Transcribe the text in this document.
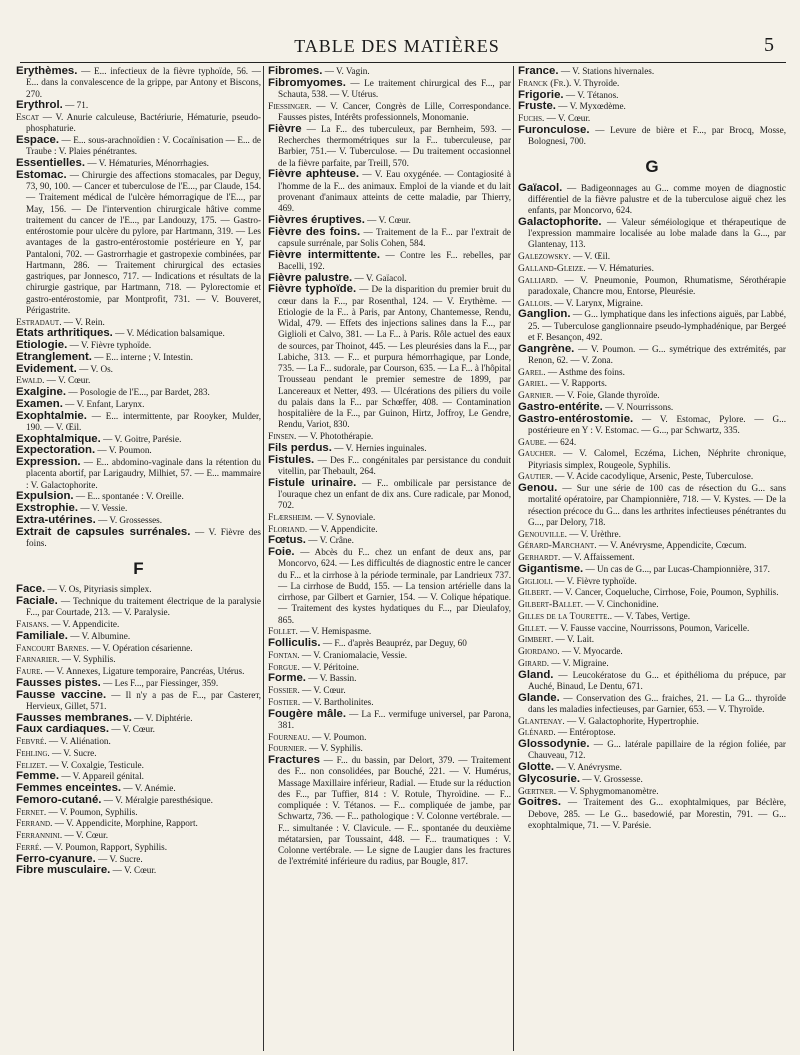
TABLE DES MATIÈRES	5
Erythèmes. — E... infectieux de la fièvre typhoïde, 56. — E... dans la convalescence de la grippe, par Antony et Biscons, 270.
Erythrol. — 71.
Escat — V. Anurie calculeuse, Bactériurie, Hématurie, pseudo-phosphaturie.
Espace. — E... sous-arachnoïdien : V. Cocaïnisation — E... de Traube : V. Plaies pénétrantes.
Essentielles. — V. Hématuries, Ménorrhagies.
Estomac. — Chirurgie des affections stomacales, par Deguy, 73, 90, 100. — Cancer et tuberculose de l'E..., par Claude, 154. — Traitement médical de l'ulcère hémorragique de l'E..., par May, 156. — De l'intervention chirurgicale hâtive comme traitement du cancer de l'E..., par Landouzy, 175. — Gastro-entérostomie pour ulcère du pylore, par Hartmann, 319. — Les avantages de la gastro-entérostomie postérieure en Y, par Pantaloni, 702. — Gastrorrhagie et gastropexie combinées, par Hartmann, 286. — Traitement chirurgical des ectasies gastriques, par Jonnesco, 717. — Indications et résultats de la chirurgie gastrique, par Hartmann, 718. — Pylorectomie et gastro-entérostomie, par Montprofit, 731. — V. Bouveret, Périgastrite.
Estradaut. — V. Rein.
Etats arthritiques. — V. Médication balsamique.
Etiologie. — V. Fièvre typhoïde.
Etranglement. — E... interne ; V. Intestin.
Evidement. — V. Os.
Ewald. — V. Cœur.
Exalgine. — Posologie de l'E..., par Bardet, 283.
Examen. — V. Enfant, Larynx.
Exophtalmie. — E... intermittente, par Rooyker, Mulder, 190. — V. Œil.
Exophtalmique. — V. Goitre, Parésie.
Expectoration. — V. Poumon.
Expression. — E... abdomino-vaginale dans la rétention du placenta abortif, par Larigaudry, Milhiet, 57. — E... mammaire : V. Galactophorite.
Expulsion. — E... spontanée : V. Oreille.
Exstrophie. — V. Vessie.
Extra-utérines. — V. Grossesses.
Extrait de capsules surrénales. — V. Fièvre des foins.
F
Face. — V. Os, Pityriasis simplex.
Faciale. — Technique du traitement électrique de la paralysie F..., par Courtade, 213. — V. Paralysie.
Faisans. — V. Appendicite.
Familiale. — V. Albumine.
Fancourt Barnes. — V. Opération césarienne.
Farnarier. — V. Syphilis.
Faure. — V. Annexes, Ligature temporaire, Pancréas, Utérus.
Fausses pistes. — Les F..., par Fiessinger, 359.
Fausse vaccine. — Il n'y a pas de F..., par Casterет, Hervieux, Gillet, 571.
Fausses membranes. — V. Diphtérie.
Faux cardiaques. — V. Cœur.
Febvré. — V. Aliénation.
Fehling. — V. Sucre.
Felizet. — V. Coxalgie, Testicule.
Femme. — V. Appareil génital.
Femmes enceintes. — V. Anémie.
Femoro-cutané. — V. Méralgie paresthésique.
Fernet. — V. Poumon, Syphilis.
Ferrand. — V. Appendicite, Morphine, Rapport.
Ferrannini. — V. Cœur.
Ferré. — V. Poumon, Rapport, Syphilis.
Ferro-cyanure. — V. Sucre.
Fibre musculaire. — V. Cœur.
Fibromes. — V. Vagin.
Fibromyomes. — Le traitement chirurgical des F..., par Schauta, 538. — V. Utérus.
Fiessinger. — V. Cancer, Congrès de Lille, Correspondance. Fausses pistes, Intérêts professionnels, Monomanie.
Fièvre — La F... des tuberculeux, par Bernheim, 593. — Recherches thermométriques sur la F... tuberculeuse, par Barbier, 751.— V. Tuberculose. — Du traitement occasionnel de la fièvre parfaite, par Treill, 570.
Fièvre aphteuse. — V. Eau oxygénée. — Contagiosité à l'homme de la F... des animaux. Emploi de la viande et du lait provenant d'animaux atteints de cette maladie, par Thierry, 469.
Fièvres éruptives. — V. Cœur.
Fièvre des foins. — Traitement de la F... par l'extrait de capsule surrénale, par Solis Cohen, 584.
Fièvre intermittente. — Contre les F... rebelles, par Bacelli, 192.
Fièvre palustre. — V. Gaïacol.
Fièvre typhoïde. — De la disparition du premier bruit du cœur dans la F..., par Rosenthal, 124. — V. Erythème. — Etiologie de la F... à Paris, par Antony, Chantemesse, Rendu, Widal, 479. — Effets des injections salines dans la F..., par Giglioli et Calvo, 381. — La F... à Paris. Rôle actuel des eaux de sources, par Thoinot, 445. — Les pleurésies dans la F..., par Labiche, 313. — F... et purpura hémorrhagique, par Londe, 735. — La F... sudorale, par Courson, 635. — La F... à l'hôpital Trousseau pendant le premier semestre de 1899, par Lancereaux et Netter, 493. — Ulcérations des piliers du voile du palais dans la F... par Schœffer, 408. — Contamination hospitalière de la F..., par Guinon, Hirtz, Joffroy, Le Gendre, Rendu, Variot, 830.
Finsen. — V. Photothérapie.
Fils perdus. — V. Hernies inguinales.
Fistules. — Des F... congénitales par persistance du conduit vitellin, par Thebault, 264.
Fistule urinaire. — F... ombilicale par persistance de l'ouraque chez un enfant de dix ans. Cure radicale, par Monod, 702.
Flærsheim. — V. Synoviale.
Floriand. — V. Appendicite.
Fœtus. — V. Crâne.
Foie. — Abcès du F... chez un enfant de deux ans, par Moncorvo, 624. — Les difficultés de diagnostic entre le cancer du F... et la cirrhose à la période terminale, par Landrieux 737. — La cirrhose de Budd, 155. — La tension artérielle dans la cirrhose, par Gilbert et Garnier, 154. — V. Colique hépatique. — Traitement des kystes hydatiques du F..., par Dieulafoy, 865.
Follet. — V. Hemispasme.
Folliculis. — F... d'après Beaupréz, par Deguy, 60
Fontan. — V. Craniomalacie, Vessie.
Forgue. — V. Péritoine.
Forme. — V. Bassin.
Fossier. — V. Cœur.
Fostier. — V. Bartholinites.
Fougère mâle. — La F... vermifuge universel, par Parona, 381.
Fourneau. — V. Poumon.
Fournier. — V. Syphilis.
Fractures — F... du bassin, par Delort, 379. — Traitement des F... non consolidées, par Bouché, 221. — V. Humérus, Massage Maxillaire inférieur, Radial. — Etude sur la réduction des F..., par Tuffier, 814 : V. Rotule, Thyroïdine. — F... compliquée : V. Tétanos. — F... compliquée de jambe, par Schwartz, 736. — F... pathologique : V. Colonne vertébrale. — F... simultanée : V. Clavicule. — F... spontanée du deuxième métatarsien, par Toussaint, 448. — F... traumatiques : V. Colonne vertébrale. — Le signe de Laugier dans les fractures de l'extrémité inférieure du radius, par Bougle, 817.
France. — V. Stations hivernales.
Franck (Fr.). V. Thyroïde.
Frigorie. — V. Tétanos.
Fruste. — V. Myxœdème.
Fuchs. — V. Cœur.
Furonculose. — Levure de bière et F..., par Brocq, Mosse, Bolognesi, 700.
G
Gaïacol. — Badigeonnages au G... comme moyen de diagnostic différentiel de la fièvre palustre et de la tuberculose aiguë chez les enfants, par Moncorvo, 624.
Galactophorite. — Valeur séméiologique et thérapeutique de l'expression mammaire localisée au lobe malade dans la G..., par Glantenay, 113.
Galezowsky. — V. Œil.
Galland-Gleize. — V. Hématuries.
Galliard. — V. Pneumonie, Poumon, Rhumatisme, Sérothérapie paradoxale, Chancre mou, Entorse, Pleurésie.
Gallois. — V. Larynx, Migraine.
Ganglion. — G... lymphatique dans les infections aiguës, par Labbé, 25. — Tuberculose ganglionnaire pseudo-lymphadénique, par Bergeé et F. Besançon, 492.
Gangrène. — V. Poumon. — G... symétrique des extrémités, par Renon, 62. — V. Zona.
Garel. — Asthme des foins.
Gariel. — V. Rapports.
Garnier. — V. Foie, Glande thyroïde.
Gastro-entérite. — V. Nourrissons.
Gastro-entérostomie. — V. Estomac, Pylore. — G... postérieure en Y : V. Estomac. — G..., par Schwartz, 335.
Gaube. — 624.
Gaucher. — V. Calomel, Eczéma, Lichen, Néphrite chronique, Pityriasis simplex, Rougeole, Syphilis.
Gautier. — V. Acide cacodylique, Arsenic, Peste, Tuberculose.
Genou. — Sur une série de 100 cas de résection du G... sans mortalité opératoire, par Championnière, 718. — V. Kystes. — De la résection précoce du G... dans les arthrites infectieuses pénétrantes du G..., par Delorу, 718.
Genouville. — V. Urèthre.
Gérard-Marchant. — V. Anévrysme, Appendicite, Cœcum.
Gerhardt. — V. Affaissement.
Gigantisme. — Un cas de G..., par Lucas-Championnière, 317.
Giglioli. — V. Fièvre typhoïde.
Gilbert. — V. Cancer, Coqueluche, Cirrhose, Foie, Poumon, Syphilis.
Gilbert-Ballet. — V. Cinchonidine.
Gilles de la Tourette.. — V. Tabes, Vertige.
Gillet. — V. Fausse vaccine, Nourrissons, Poumon, Varicelle.
Gimbert. — V. Lait.
Giordano. — V. Myocarde.
Girard. — V. Migraine.
Gland. — Leucokératose du G... et épithélioma du prépuce, par Auché, Binaud, Le Dentu, 671.
Glande. — Conservation des G... fraiches, 21. — La G... thyroïde dans les maladies infectieuses, par Garnier, 653. — V. Thyroïde.
Glantenay. — V. Galactophorite, Hypertrophie.
Glénard. — Entéroptose.
Glossodynie. — G... latérale papillaire de la région foliée, par Chauveau, 712.
Glotte. — V. Anévrysme.
Glycosurie. — V. Grossesse.
Gœrtner. — V. Sphygmomanomètre.
Goitres. — Traitement des G... exophtalmiques, par Béclère, Debove, 285. — Le G... basedowié, par Morestin, 791. — G... exophtalmique, 71. — V. Parésie.
